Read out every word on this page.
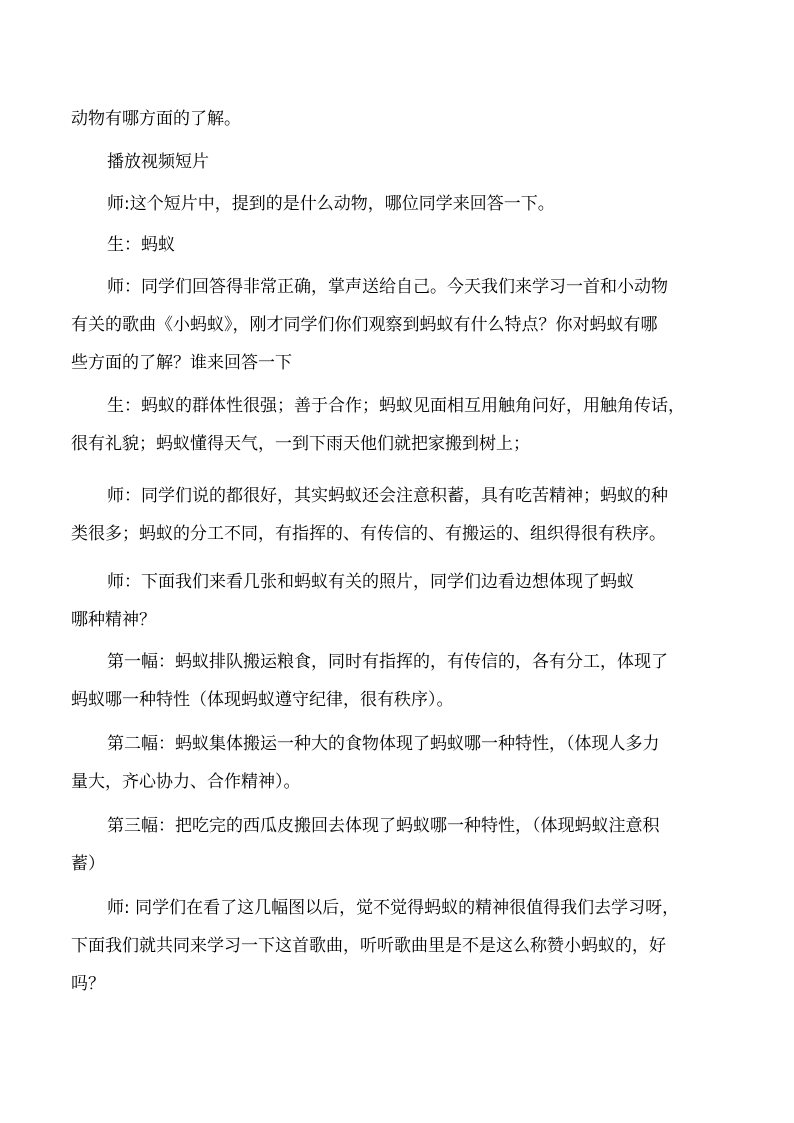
动物有哪方面的了解。

播放视频短片

师:这个短片中，提到的是什么动物，哪位同学来回答一下。

生：蚂蚁

师：同学们回答得非常正确，掌声送给自己。今天我们来学习一首和小动物
有关的歌曲《小蚂蚁》，刚才同学们你们观察到蚂蚁有什么特点？你对蚂蚁有哪
些方面的了解？谁来回答一下

生：蚂蚁的群体性很强；善于合作；蚂蚁见面相互用触角问好，用触角传话，
很有礼貌；蚂蚁懂得天气，一到下雨天他们就把家搬到树上；

师：同学们说的都很好，其实蚂蚁还会注意积蓄，具有吃苦精神；蚂蚁的种
类很多；蚂蚁的分工不同，有指挥的、有传信的、有搬运的、组织得很有秩序。

师：下面我们来看几张和蚂蚁有关的照片，同学们边看边想体现了蚂蚁
哪种精神？

第一幅：蚂蚁排队搬运粮食，同时有指挥的，有传信的，各有分工，体现了
蚂蚁哪一种特性（体现蚂蚁遵守纪律，很有秩序）。

第二幅：蚂蚁集体搬运一种大的食物体现了蚂蚁哪一种特性，（体现人多力
量大，齐心协力、合作精神）。

第三幅：把吃完的西瓜皮搬回去体现了蚂蚁哪一种特性，（体现蚂蚁注意积
蓄）

师: 同学们在看了这几幅图以后，觉不觉得蚂蚁的精神很值得我们去学习呀，
下面我们就共同来学习一下这首歌曲，听听歌曲里是不是这么称赞小蚂蚁的，好
吗？
